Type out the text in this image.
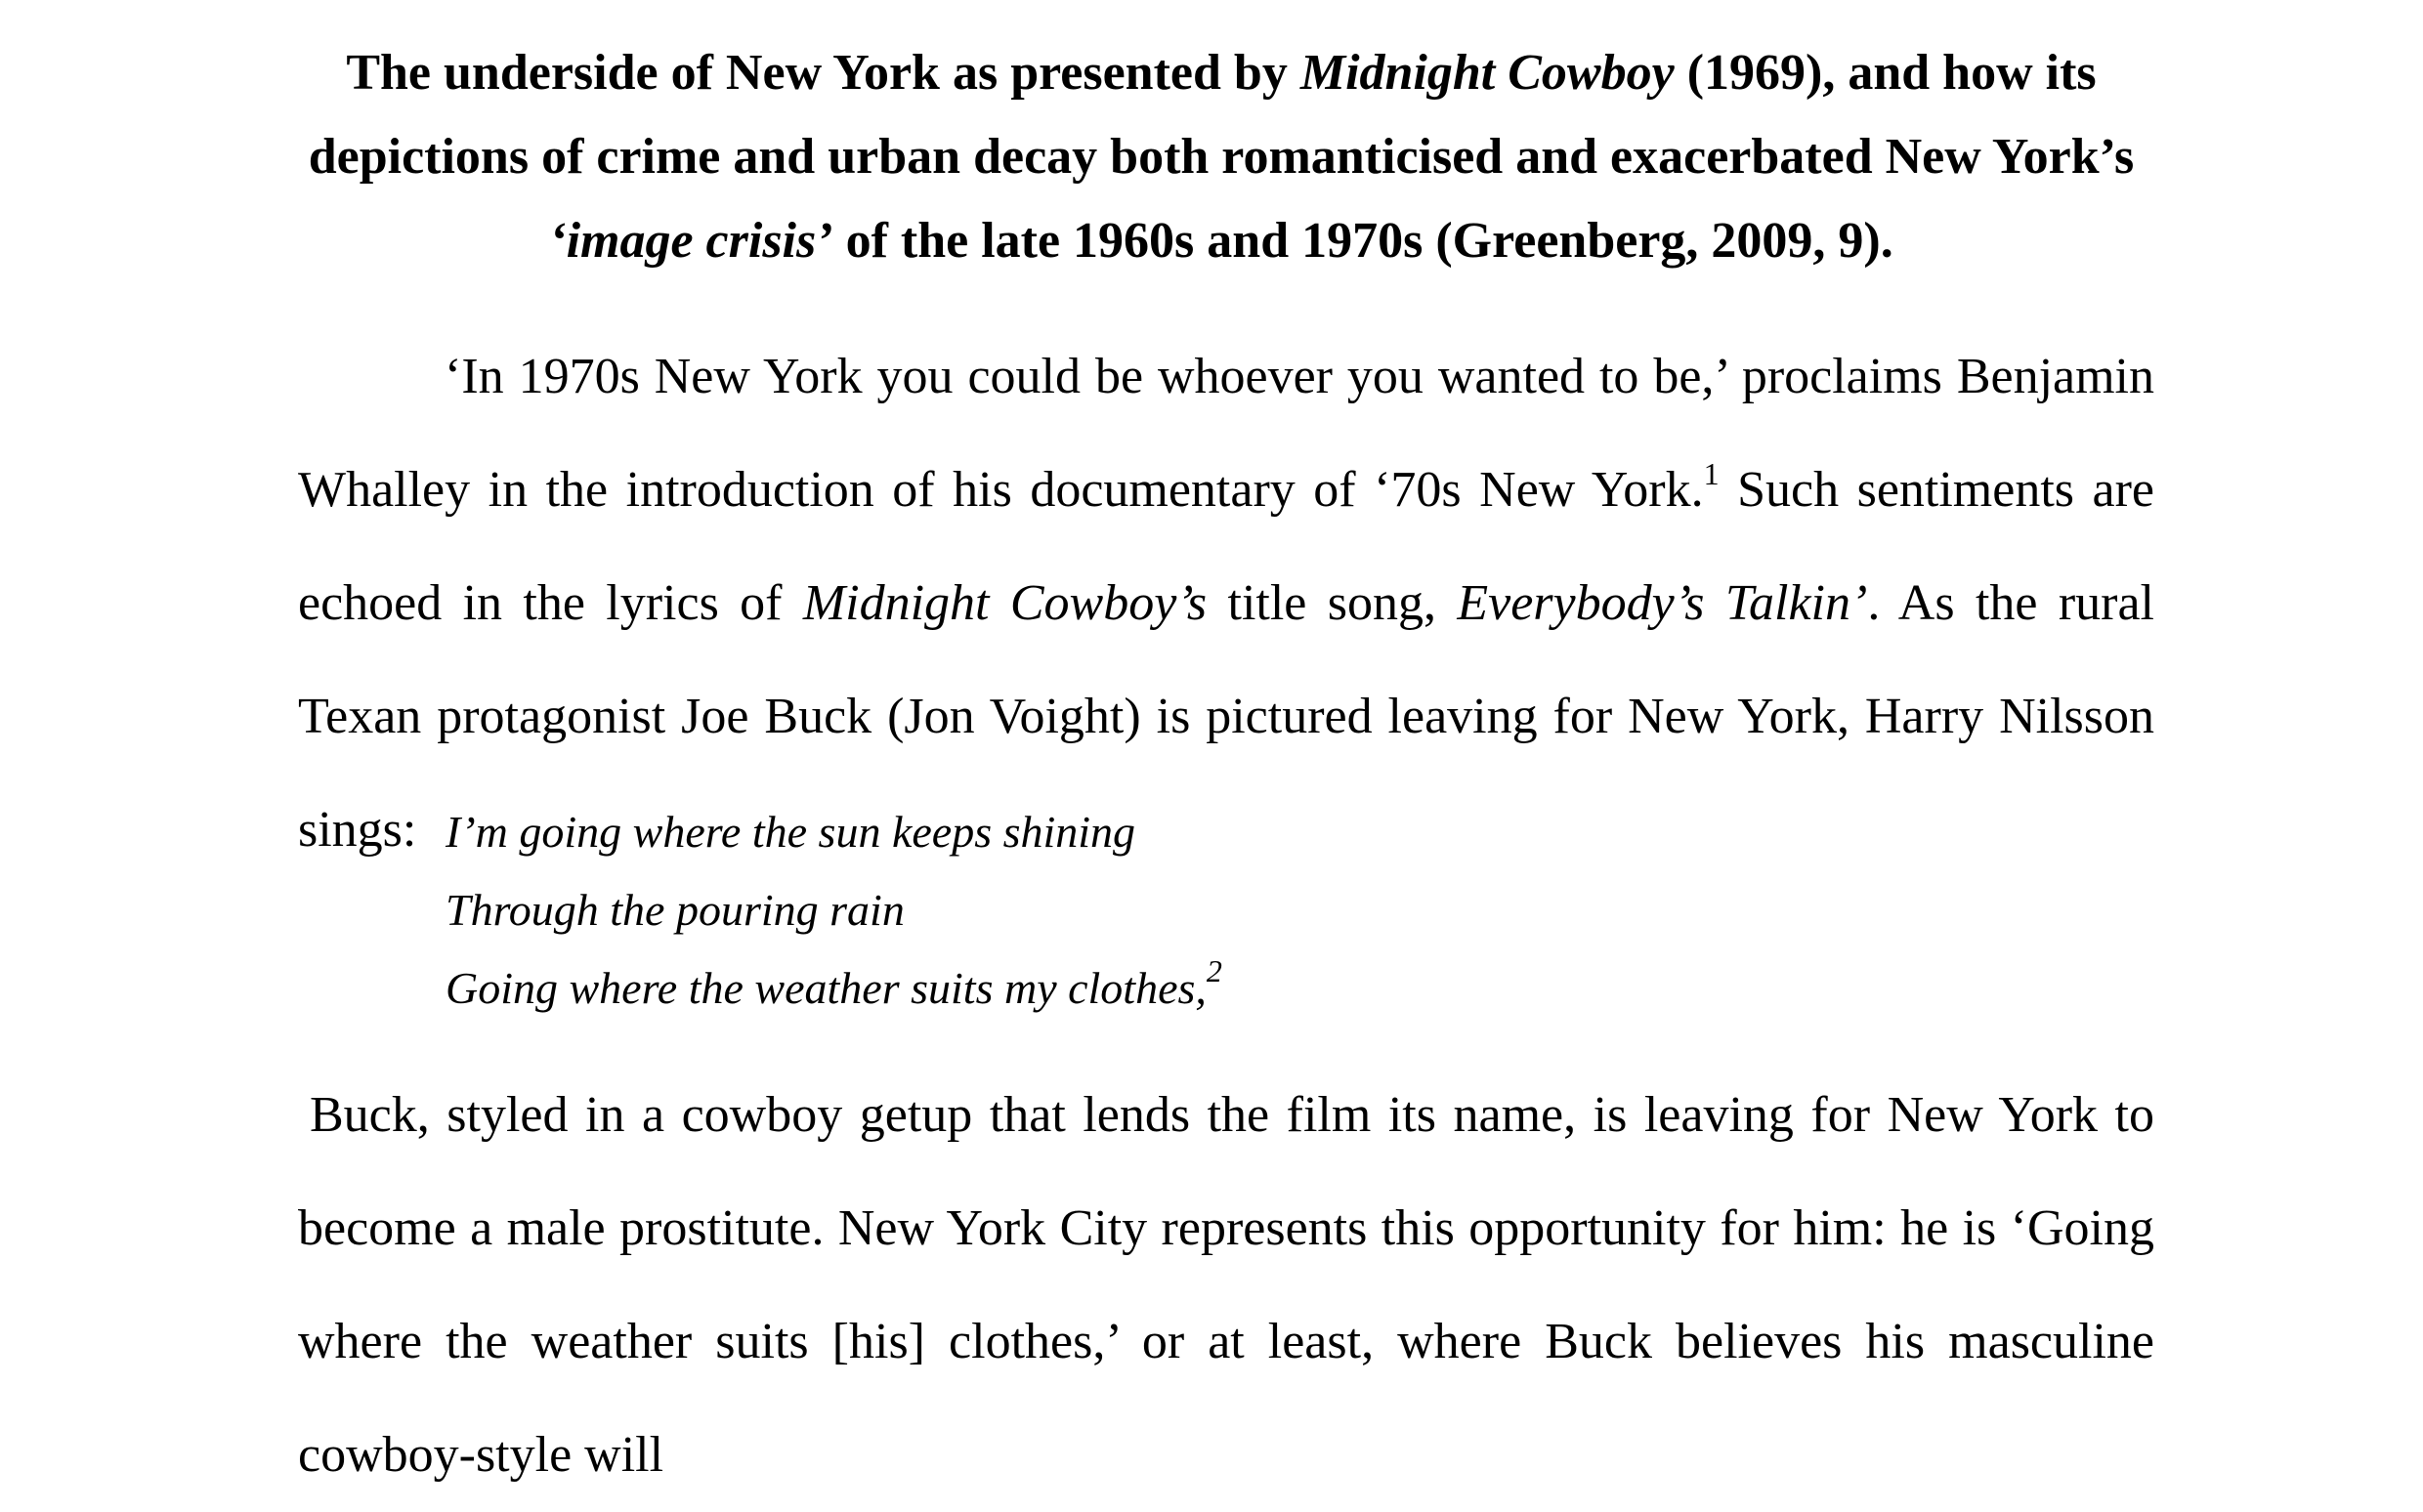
The underside of New York as presented by Midnight Cowboy (1969), and how its depictions of crime and urban decay both romanticised and exacerbated New York’s ‘image crisis’ of the late 1960s and 1970s (Greenberg, 2009, 9).

‘In 1970s New York you could be whoever you wanted to be,’ proclaims Benjamin Whalley in the introduction of his documentary of ‘70s New York.$^1$ Such sentiments are echoed in the lyrics of Midnight Cowboy’s title song, Everybody’s Talkin’. As the rural Texan protagonist Joe Buck (Jon Voight) is pictured leaving for New York, Harry Nilsson sings: I’m going where the sun keeps shining
Through the pouring rain
Going where the weather suits my clothes,$^2$

Buck, styled in a cowboy getup that lends the film its name, is leaving for New York to become a male prostitute. New York City represents this opportunity for him: he is ‘Going where the weather suits [his] clothes,’ or at least, where Buck believes his masculine cowboy-style will
